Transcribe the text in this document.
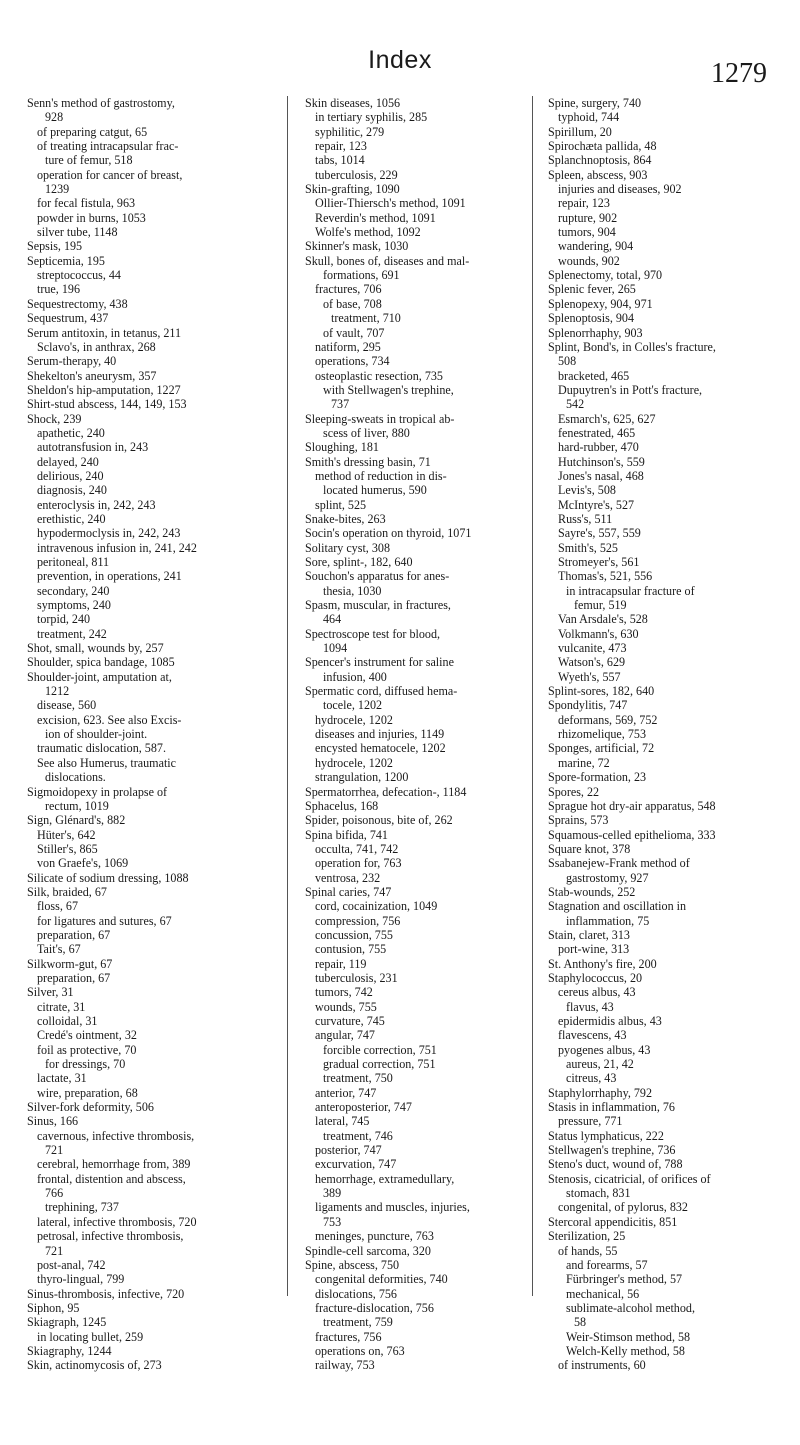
Index	1279
Senn's method of gastrostomy,
928
of preparing catgut, 65
of treating intracapsular frac-
ture of femur, 518
operation for cancer of breast,
1239
for fecal fistula, 963
powder in burns, 1053
silver tube, 1148
Sepsis, 195
Septicemia, 195
streptococcus, 44
true, 196
Sequestrectomy, 438
Sequestrum, 437
Serum antitoxin, in tetanus, 211
Sclavo's, in anthrax, 268
Serum-therapy, 40
Shekelton's aneurysm, 357
Sheldon's hip-amputation, 1227
Shirt-stud abscess, 144, 149, 153
Shock, 239
apathetic, 240
autotransfusion in, 243
delayed, 240
delirious, 240
diagnosis, 240
enteroclysis in, 242, 243
erethistic, 240
hypodermoclysis in, 242, 243
intravenous infusion in, 241, 242
peritoneal, 811
prevention, in operations, 241
secondary, 240
symptoms, 240
torpid, 240
treatment, 242
Shot, small, wounds by, 257
Shoulder, spica bandage, 1085
Shoulder-joint, amputation at,
1212
disease, 560
excision, 623. See also Excis-
ion of shoulder-joint.
traumatic dislocation, 587.
See also Humerus, traumatic
dislocations.
Sigmoidopexy in prolapse of
rectum, 1019
Sign, Glénard's, 882
Hüter's, 642
Stiller's, 865
von Graefe's, 1069
Silicate of sodium dressing, 1088
Silk, braided, 67
floss, 67
for ligatures and sutures, 67
preparation, 67
Tait's, 67
Silkworm-gut, 67
preparation, 67
Silver, 31
citrate, 31
colloidal, 31
Credé's ointment, 32
foil as protective, 70
for dressings, 70
lactate, 31
wire, preparation, 68
Silver-fork deformity, 506
Sinus, 166
cavernous, infective thrombosis,
721
cerebral, hemorrhage from, 389
frontal, distention and abscess,
766
trephining, 737
lateral, infective thrombosis, 720
petrosal, infective thrombosis,
721
post-anal, 742
thyro-lingual, 799
Sinus-thrombosis, infective, 720
Siphon, 95
Skiagraph, 1245
in locating bullet, 259
Skiagraphy, 1244
Skin, actinomycosis of, 273
Skin diseases, 1056
in tertiary syphilis, 285
syphilitic, 279
repair, 123
tabs, 1014
tuberculosis, 229
Skin-grafting, 1090
Ollier-Thiersch's method, 1091
Reverdin's method, 1091
Wolfe's method, 1092
Skinner's mask, 1030
Skull, bones of, diseases and mal-
formations, 691
fractures, 706
of base, 708
treatment, 710
of vault, 707
natiform, 295
operations, 734
osteoplastic resection, 735
with Stellwagen's trephine,
737
Sleeping-sweats in tropical ab-
scess of liver, 880
Sloughing, 181
Smith's dressing basin, 71
method of reduction in dis-
located humerus, 590
splint, 525
Snake-bites, 263
Socin's operation on thyroid, 1071
Solitary cyst, 308
Sore, splint-, 182, 640
Souchon's apparatus for anes-
thesia, 1030
Spasm, muscular, in fractures,
464
Spectroscope test for blood,
1094
Spencer's instrument for saline
infusion, 400
Spermatic cord, diffused hema-
tocele, 1202
hydrocele, 1202
diseases and injuries, 1149
encysted hematocele, 1202
hydrocele, 1202
strangulation, 1200
Spermatorrhea, defecation-, 1184
Sphacelus, 168
Spider, poisonous, bite of, 262
Spina bifida, 741
occulta, 741, 742
operation for, 763
ventrosa, 232
Spinal caries, 747
cord, cocainization, 1049
compression, 756
concussion, 755
contusion, 755
repair, 119
tuberculosis, 231
tumors, 742
wounds, 755
curvature, 745
angular, 747
forcible correction, 751
gradual correction, 751
treatment, 750
anterior, 747
anteroposterior, 747
lateral, 745
treatment, 746
posterior, 747
excurvation, 747
hemorrhage, extramedullary,
389
ligaments and muscles, injuries,
753
meninges, puncture, 763
Spindle-cell sarcoma, 320
Spine, abscess, 750
congenital deformities, 740
dislocations, 756
fracture-dislocation, 756
treatment, 759
fractures, 756
operations on, 763
railway, 753
Spine, surgery, 740
typhoid, 744
Spirillum, 20
Spirochæta pallida, 48
Splanchnoptosis, 864
Spleen, abscess, 903
injuries and diseases, 902
repair, 123
rupture, 902
tumors, 904
wandering, 904
wounds, 902
Splenectomy, total, 970
Splenic fever, 265
Splenopexy, 904, 971
Splenoptosis, 904
Splenorrhaphy, 903
Splint, Bond's, in Colles's fracture,
508
bracketed, 465
Dupuytren's in Pott's fracture,
542
Esmarch's, 625, 627
fenestrated, 465
hard-rubber, 470
Hutchinson's, 559
Jones's nasal, 468
Levis's, 508
McIntyre's, 527
Russ's, 511
Sayre's, 557, 559
Smith's, 525
Stromeyer's, 561
Thomas's, 521, 556
in intracapsular fracture of
femur, 519
Van Arsdale's, 528
Volkmann's, 630
vulcanite, 473
Watson's, 629
Wyeth's, 557
Splint-sores, 182, 640
Spondylitis, 747
deformans, 569, 752
rhizomelique, 753
Sponges, artificial, 72
marine, 72
Spore-formation, 23
Spores, 22
Sprague hot dry-air apparatus, 548
Sprains, 573
Squamous-celled epithelioma, 333
Square knot, 378
Ssabanejew-Frank method of
gastrostomy, 927
Stab-wounds, 252
Stagnation and oscillation in
inflammation, 75
Stain, claret, 313
port-wine, 313
St. Anthony's fire, 200
Staphylococcus, 20
cereus albus, 43
flavus, 43
epidermidis albus, 43
flavescens, 43
pyogenes albus, 43
aureus, 21, 42
citreus, 43
Staphylorrhaphy, 792
Stasis in inflammation, 76
pressure, 771
Status lymphaticus, 222
Stellwagen's trephine, 736
Steno's duct, wound of, 788
Stenosis, cicatricial, of orifices of
stomach, 831
congenital, of pylorus, 832
Stercoral appendicitis, 851
Sterilization, 25
of hands, 55
and forearms, 57
Fürbringer's method, 57
mechanical, 56
sublimate-alcohol method,
58
Weir-Stimson method, 58
Welch-Kelly method, 58
of instruments, 60
